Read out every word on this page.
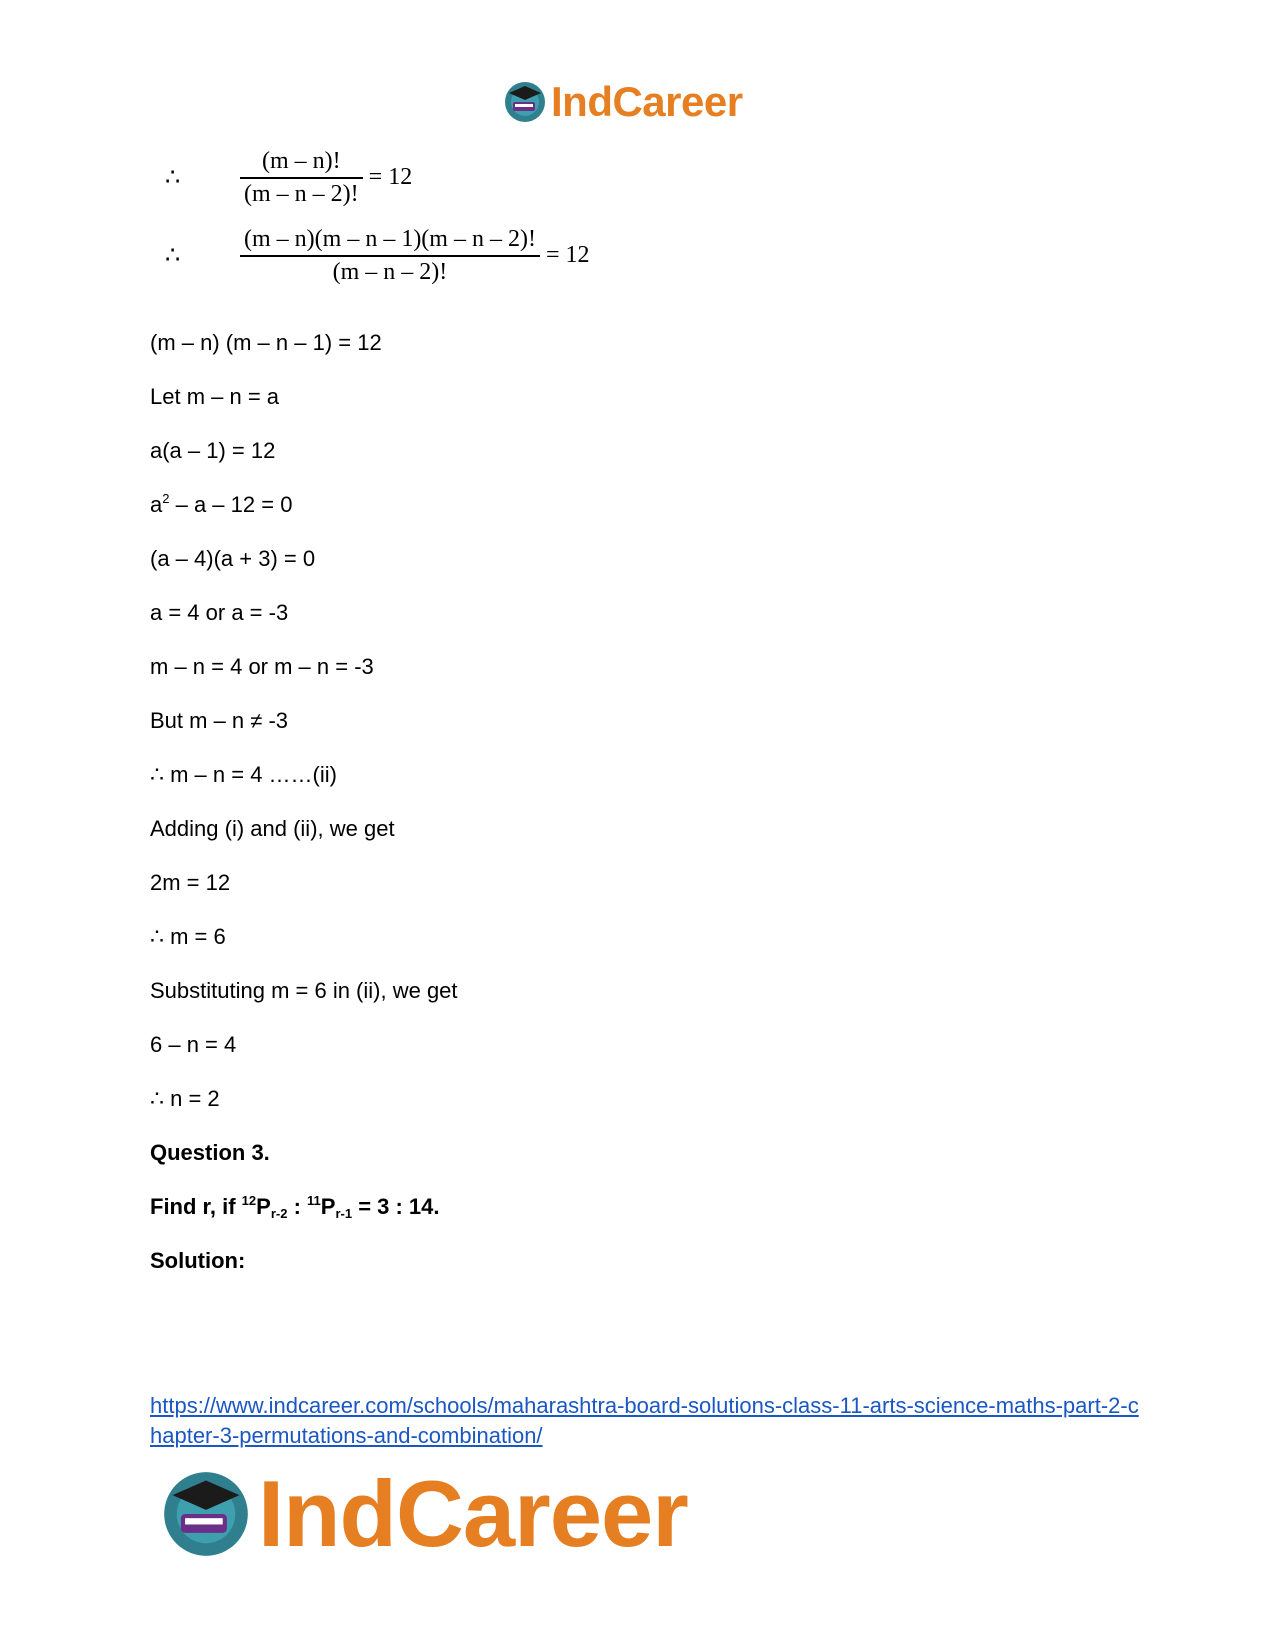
IndCareer
∴	$\frac{(m - n)!}{(m - n - 2)!} = 12$
∴	$\frac{(m - n)(m - n - 1)(m - n - 2)!}{(m - n - 2)!} = 12$
(m – n) (m – n – 1) = 12
Let m – n = a
a(a – 1) = 12
$a^2 - a - 12 = 0$
(a – 4)(a + 3) = 0
a = 4 or a = -3
m – n = 4 or m – n = -3
But m – n ≠ -3
∴ m – n = 4 ……(ii)
Adding (i) and (ii), we get
2m = 12
∴ m = 6
Substituting m = 6 in (ii), we get
6 – n = 4
∴ n = 2
Question 3.
Find r, if $^{12}P_{r-2}$ : $^{11}P_{r-1} = 3$ : 14.
Solution:
https://www.indcareer.com/schools/maharashtra-board-solutions-class-11-arts-science-maths-part-2-chapter-3-permutations-and-combination/
IndCareer
